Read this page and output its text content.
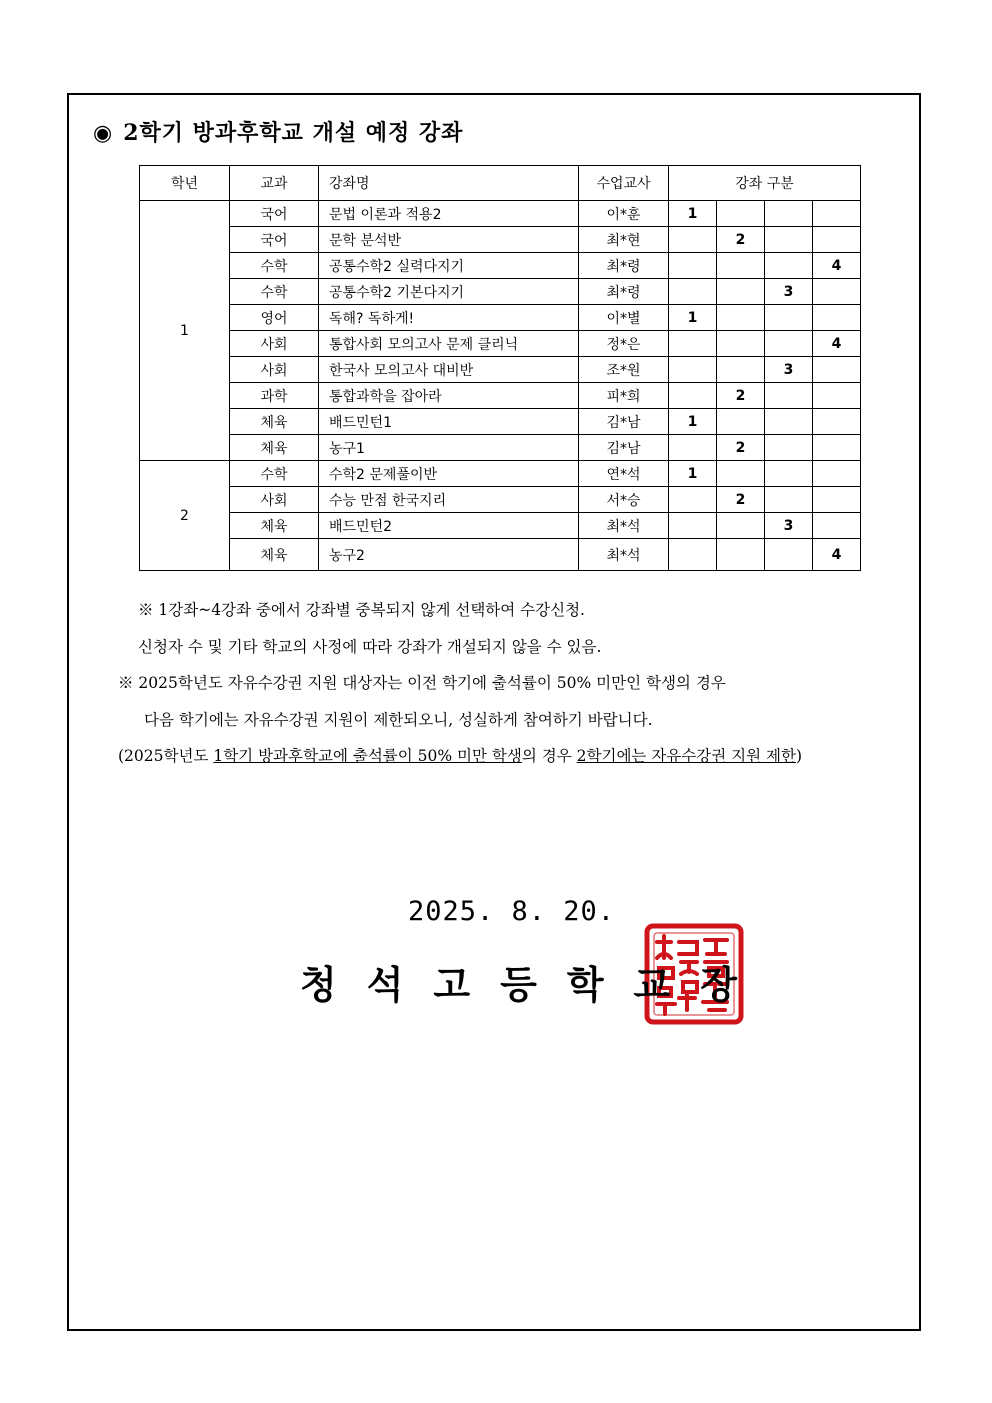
◉ 2학기 방과후학교 개설 예정 강좌
학년	교과	강좌명	수업교사	강좌 구분			
1	국어	문법 이론과 적용2	이*훈	1			
	국어	문학 분석반	최*현		2		
	수학	공통수학2 실력다지기	최*령				4
	수학	공통수학2 기본다지기	최*령			3	
	영어	독해? 독하게!	이*별	1			
	사회	통합사회 모의고사 문제 클리닉	정*은				4
	사회	한국사 모의고사 대비반	조*원			3	
	과학	통합과학을 잡아라	피*희		2		
	체육	배드민턴1	김*남	1			
	체육	농구1	김*남		2		
2	수학	수학2 문제풀이반	연*석	1			
	사회	수능 만점 한국지리	서*승		2		
	체육	배드민턴2	최*석			3	
	체육	농구2	최*석				4
※ 1강좌~4강좌 중에서 강좌별 중복되지 않게 선택하여 수강신청.
신청자 수 및 기타 학교의 사정에 따라 강좌가 개설되지 않을 수 있음.
※ 2025학년도 자유수강권 지원 대상자는 이전 학기에 출석률이 50% 미만인 학생의 경우
다음 학기에는 자유수강권 지원이 제한되오니, 성실하게 참여하기 바랍니다.
(2025학년도 1학기 방과후학교에 출석률이 50% 미만 학생의 경우 2학기에는 자유수강권 지원 제한)
2025. 8. 20.
청석고등학교장
